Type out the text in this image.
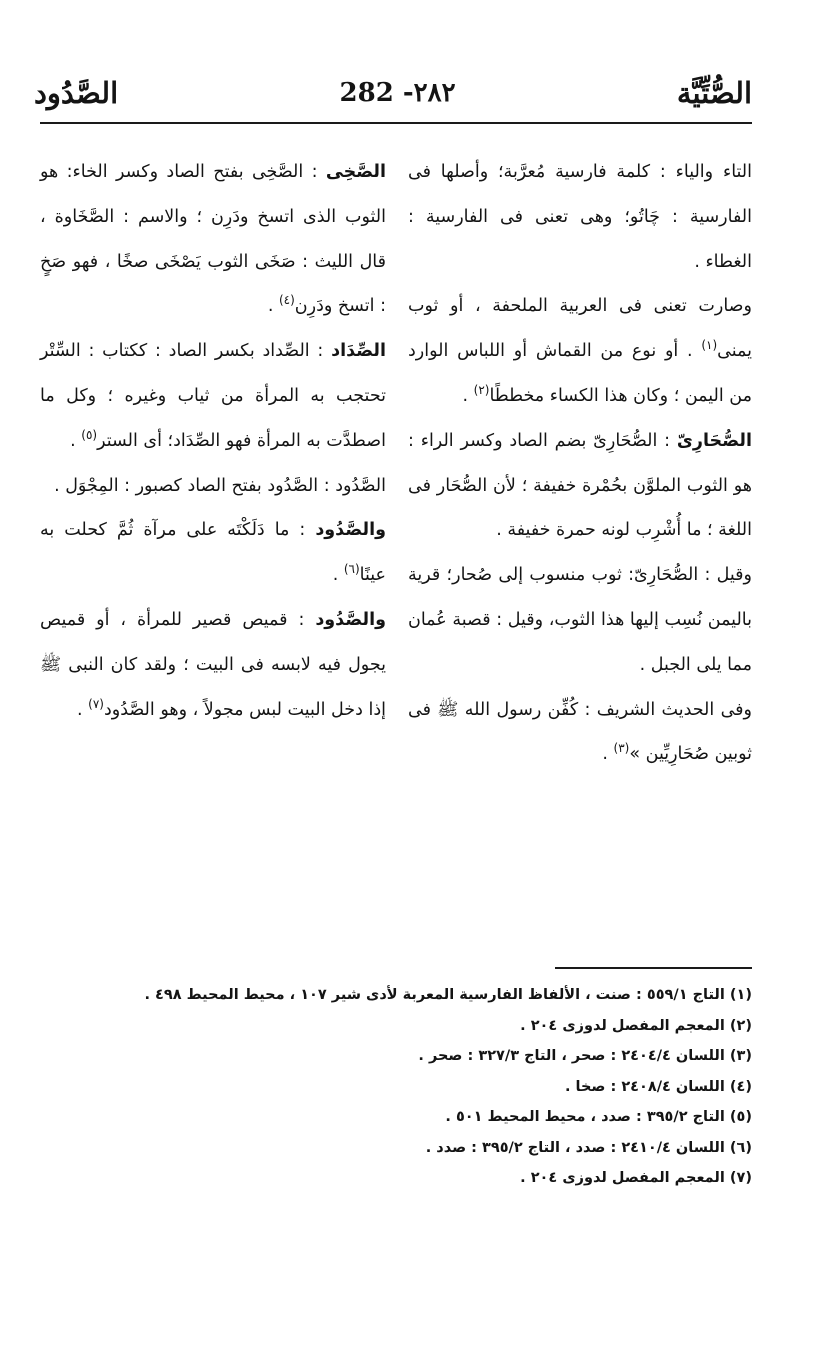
الصُّتِّيَّة
282 -٢٨٢
الصَّدُود

التاء والياء : كلمة فارسية مُعرَّبة؛ وأصلها فى الفارسية : چَاتُو؛ وهى تعنى فى الفارسية : الغطاء .

وصارت تعنى فى العربية الملحفة ، أو ثوب يمنى$^{(١)}$ . أو نوع من القماش أو اللباس الوارد من اليمن ؛ وكان هذا الكساء مخططًا$^{(٢)}$ .

الصُّحَارِىّ : الصُّحَارِىّ بضم الصاد وكسر الراء : هو الثوب الملوَّن بحُمْرة خفيفة ؛ لأن الصُّحَار فى اللغة ؛ ما أُشْرِب لونه حمرة خفيفة .

وقيل : الصُّحَارِىّ: ثوب منسوب إلى صُحار؛ قرية باليمن نُسِب إليها هذا الثوب، وقيل : قصبة عُمان مما يلى الجبل .

وفى الحديث الشريف : كُفِّن رسول الله ﷺ فى ثوبين صُحَارِيِّين »$^{(٣)}$ .

الصَّخِى : الصَّخِى بفتح الصاد وكسر الخاء: هو الثوب الذى اتسخ ودَرِن ؛ والاسم : الصَّخَاوة ، قال الليث : صَخَى الثوب يَصْخَى صخًا ، فهو صَخٍ : اتسخ ودَرِن$^{(٤)}$ .

الصِّدَاد : الصِّداد بكسر الصاد : ككتاب : السِّتْر تحتجب به المرأة من ثياب وغيره ؛ وكل ما اصطدَّت به المرأة فهو الصِّدَاد؛ أى الستر$^{(٥)}$ .

الصَّدُود : الصَّدُود بفتح الصاد كصبور : المِجْوَل .

والصَّدُود : ما دَلَكْتَه على مرآة ثُمَّ كحلت به عينًا$^{(٦)}$ .

والصَّدُود : قميص قصير للمرأة ، أو قميص يجول فيه لابسه فى البيت ؛ ولقد كان النبى ﷺ إذا دخل البيت لبس مجولاً ، وهو الصَّدُود$^{(٧)}$ .

(١) التاج ٥٥٩/١ : صنت ، الألفاظ الفارسية المعربة لأدى شير ١٠٧ ، محيط المحيط ٤٩٨ .

(٢) المعجم المفصل لدوزى ٢٠٤ .

(٣) اللسان ٢٤٠٤/٤ : صحر ، التاج ٣٢٧/٣ : صحر .

(٤) اللسان ٢٤٠٨/٤ : صخا .

(٥) التاج ٣٩٥/٢ : صدد ، محيط المحيط ٥٠١ .

(٦) اللسان ٢٤١٠/٤ : صدد ، التاج ٣٩٥/٢ : صدد .

(٧) المعجم المفصل لدوزى ٢٠٤ .
